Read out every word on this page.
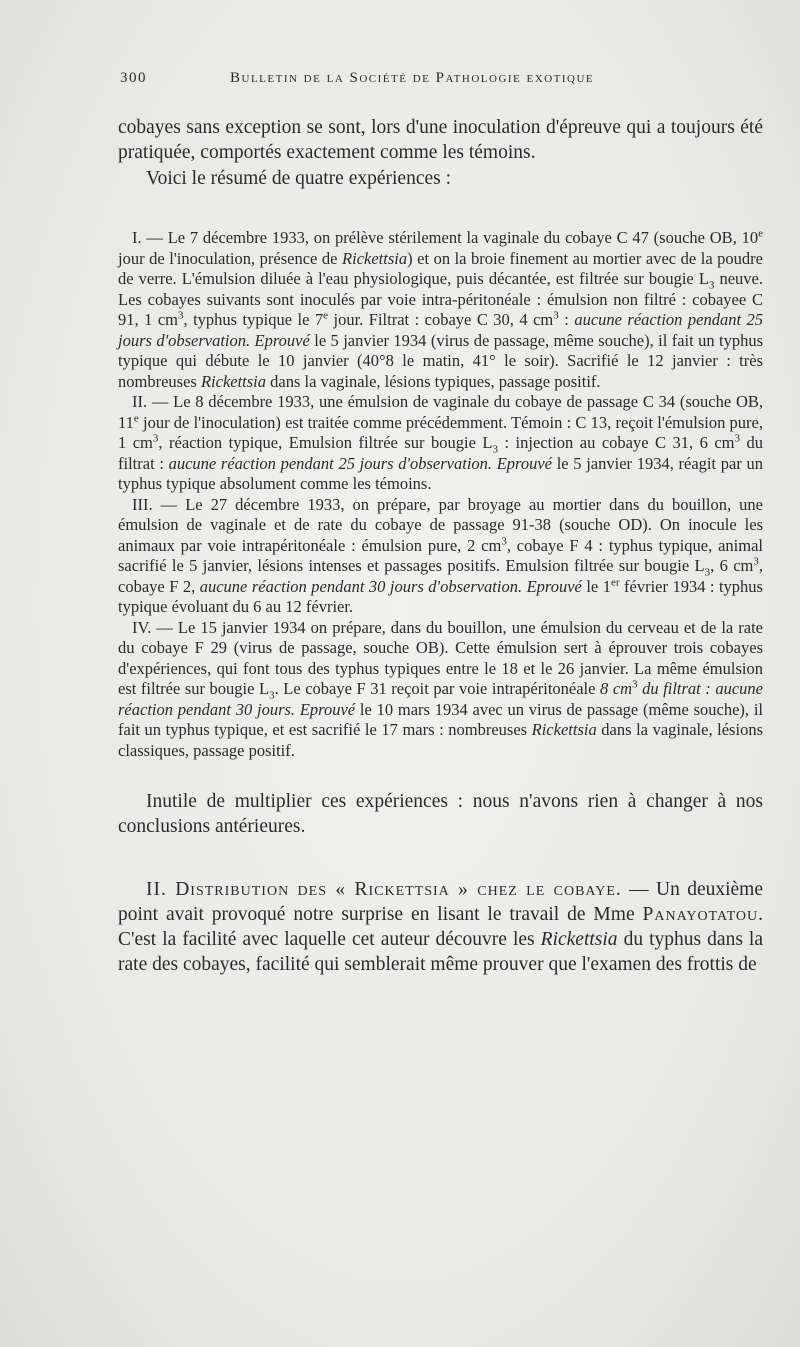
300	Bulletin de la Société de Pathologie exotique

cobayes sans exception se sont, lors d'une inoculation d'épreuve qui a toujours été pratiquée, comportés exactement comme les témoins.

Voici le résumé de quatre expériences :

I. — Le 7 décembre 1933, on prélève stérilement la vaginale du cobaye C 47 (souche OB, 10e jour de l'inoculation, présence de Rickettsia) et on la broie finement au mortier avec de la poudre de verre. L'émulsion diluée à l'eau physiologique, puis décantée, est filtrée sur bougie $L_3$ neuve. Les cobayes suivants sont inoculés par voie intra-péritonéale : émulsion non filtré : cobayee C 91, 1 $cm^3$, typhus typique le 7e jour. Filtrat : cobaye C 30, 4 $cm^3$ : aucune réaction pendant 25 jours d'observation. Eprouvé le 5 janvier 1934 (virus de passage, même souche), il fait un typhus typique qui débute le 10 janvier (40°8 le matin, 41° le soir). Sacrifié le 12 janvier : très nombreuses Rickettsia dans la vaginale, lésions typiques, passage positif.

II. — Le 8 décembre 1933, une émulsion de vaginale du cobaye de passage C 34 (souche OB, 11e jour de l'inoculation) est traitée comme précédemment. Témoin : C 13, reçoit l'émulsion pure, 1 $cm^3$, réaction typique, Emulsion filtrée sur bougie $L_3$ : injection au cobaye C 31, 6 $cm^3$ du filtrat : aucune réaction pendant 25 jours d'observation. Eprouvé le 5 janvier 1934, réagit par un typhus typique absolument comme les témoins.

III. — Le 27 décembre 1933, on prépare, par broyage au mortier dans du bouillon, une émulsion de vaginale et de rate du cobaye de passage 91-38 (souche OD). On inocule les animaux par voie intrapéritonéale : émulsion pure, 2 $cm^3$, cobaye F 4 : typhus typique, animal sacrifié le 5 janvier, lésions intenses et passages positifs. Emulsion filtrée sur bougie $L_3$, 6 $cm^3$, cobaye F 2, aucune réaction pendant 30 jours d'observation. Eprouvé le 1er février 1934 : typhus typique évoluant du 6 au 12 février.

IV. — Le 15 janvier 1934 on prépare, dans du bouillon, une émulsion du cerveau et de la rate du cobaye F 29 (virus de passage, souche OB). Cette émulsion sert à éprouver trois cobayes d'expériences, qui font tous des typhus typiques entre le 18 et le 26 janvier. La même émulsion est filtrée sur bougie $L_3$. Le cobaye F 31 reçoit par voie intrapéritonéale 8 $cm^3$ du filtrat : aucune réaction pendant 30 jours. Eprouvé le 10 mars 1934 avec un virus de passage (même souche), il fait un typhus typique, et est sacrifié le 17 mars : nombreuses Rickettsia dans la vaginale, lésions classiques, passage positif.

Inutile de multiplier ces expériences : nous n'avons rien à changer à nos conclusions antérieures.

II. Distribution des « Rickettsia » chez le cobaye. — Un deuxième point avait provoqué notre surprise en lisant le travail de Mme Panayotatou. C'est la facilité avec laquelle cet auteur découvre les Rickettsia du typhus dans la rate des cobayes, facilité qui semblerait même prouver que l'examen des frottis de
